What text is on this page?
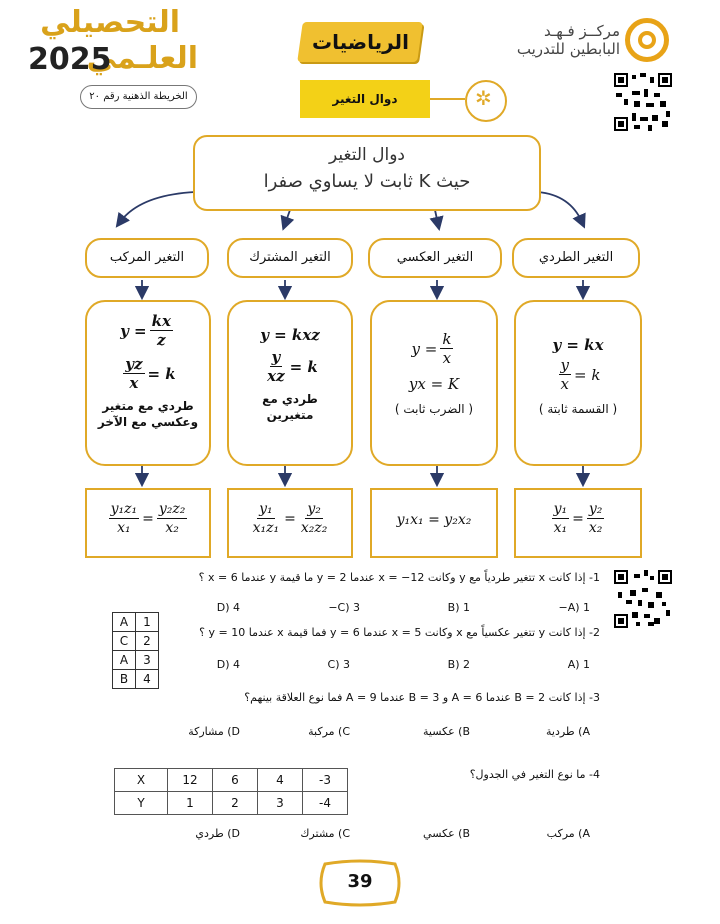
التحصيلي
العلـمي
2025	الرياضيات
الخريطة الذهنية رقم ٢٠	دوال التغير	✲
مركــز فـهـد
البابطين للتدريب
دوال التغير
حيث K ثابت لا يساوي صفرا
التغير المركب	التغير المشترك	التغير العكسي	التغير الطردي
$y = \frac{kx}{z}$
$\frac{yz}{x} = k$
طردي مع متغير
وعكسي مع الآخر
y = kxz
$\frac{y}{xz} = k$
طردي مع
متغيرين
$y = \frac{k}{x}$
yx = K
( الضرب ثابت )
y = kx
$\frac{y}{x} = k$
( القسمة ثابتة )
$\frac{\text{y₁z₁}}{\text{x₁}} = \frac{\text{y₂z₂}}{\text{x₂}}$	$\frac{\text{y₁}}{\text{x₁z₁}} = \frac{\text{y₂}}{\text{x₂z₂}}$	y₁x₁ = y₂x₂	$\frac{\text{y₁}}{\text{x₁}} = \frac{\text{y₂}}{\text{x₂}}$
1- إذا كانت x تتغير طردياً مع y وكانت 12− = x عندما 2 = y ما قيمة y عندما 6 = x ؟
A) 1−
B) 1
C) 3−
D) 4
2- إذا كانت y تتغير عكسياً مع x وكانت 5 = x عندما 6 = y فما قيمة x عندما 10 = y ؟
A) 1
B) 2
C) 3
D) 4
A	1
C	2
A	3
B	4
3- إذا كانت 2 = B عندما 6 = A و 3 = B عندما 9 = A فما نوع العلاقة بينهم؟
A) طردية
B) عكسية
C) مركبة
D) مشاركة
4- ما نوع التغير في الجدول؟
X	12	6	4	-3
Y	1	2	3	-4
A) مركب
B) عكسي
C) مشترك
D) طردي
39
